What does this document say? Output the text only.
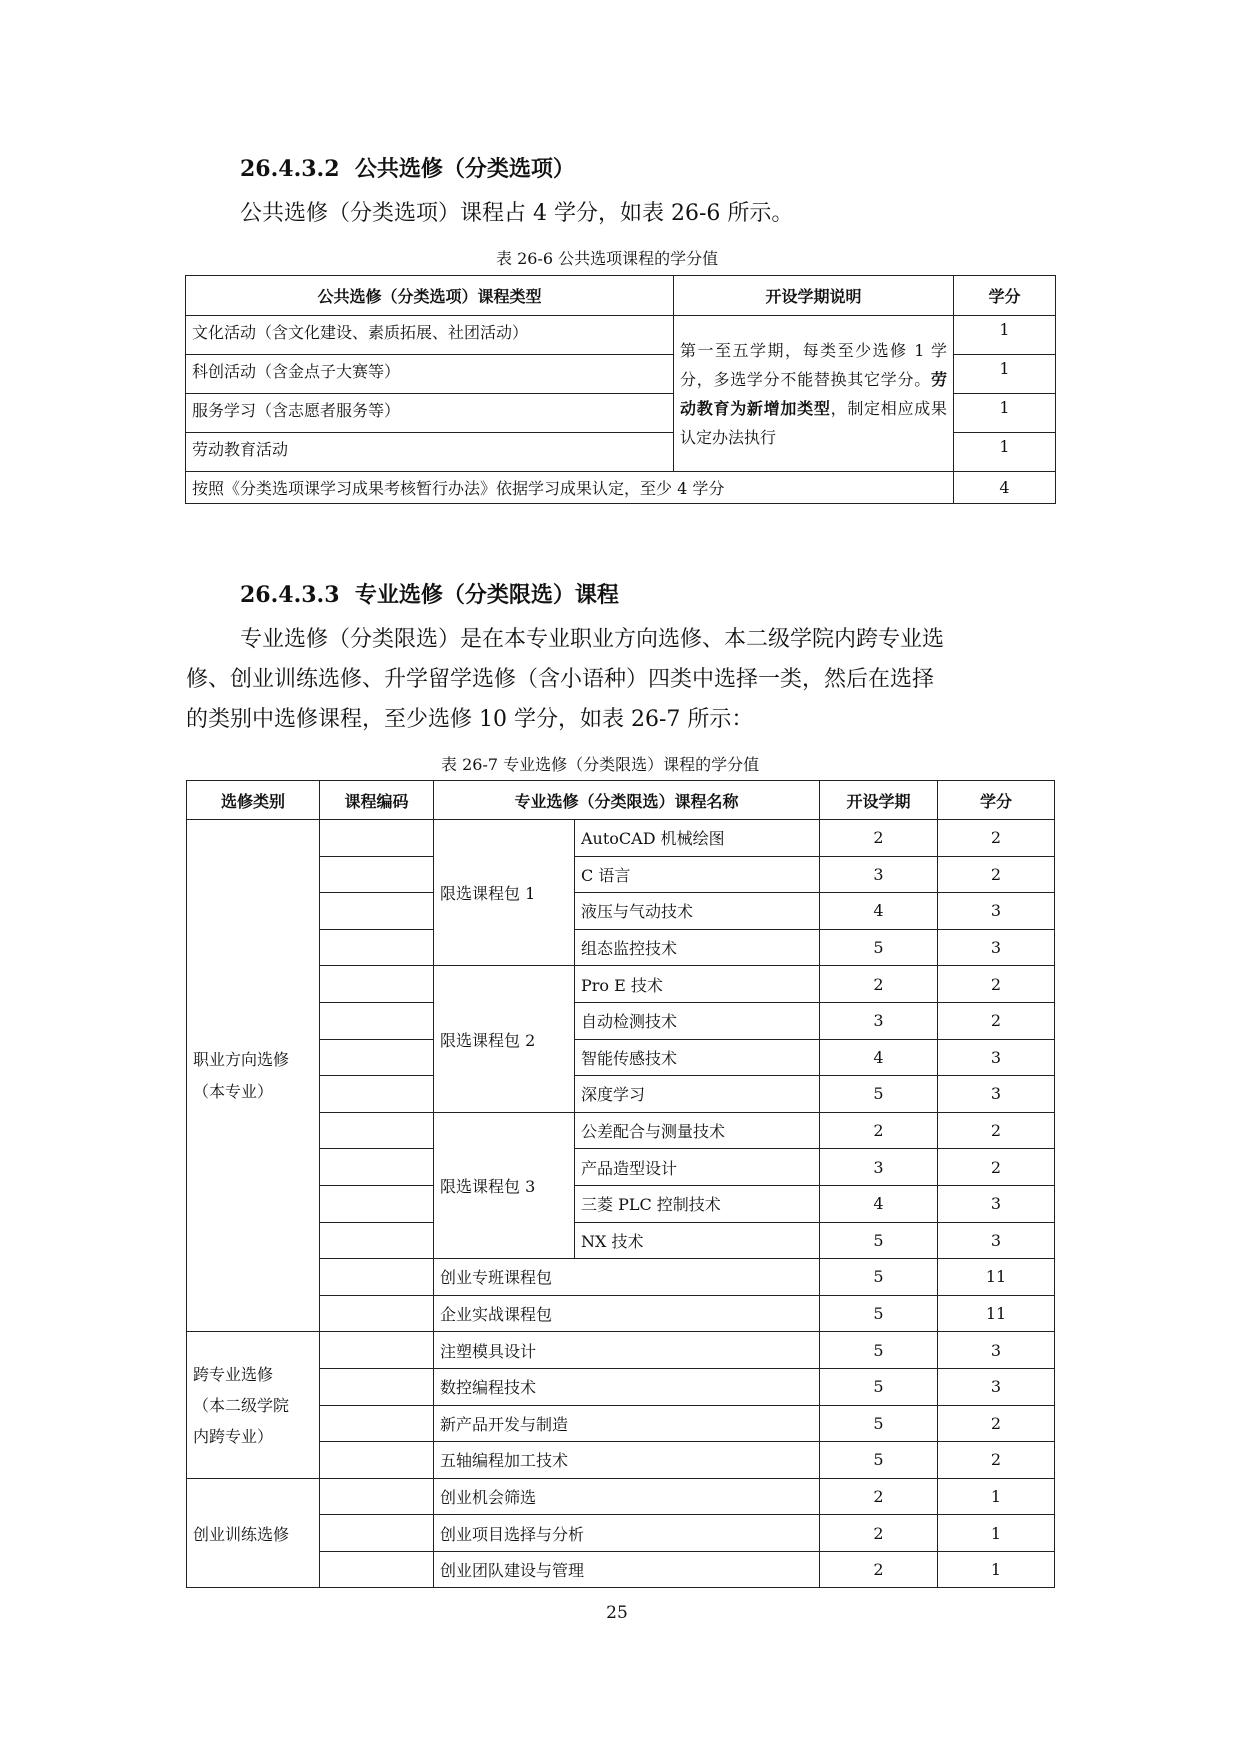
26.4.3.2 公共选修（分类选项）
公共选修（分类选项）课程占 4 学分，如表 26-6 所示。
表 26-6 公共选项课程的学分值
公共选修（分类选项）课程类型	开设学期说明	学分
文化活动（含文化建设、素质拓展、社团活动）	第一至五学期，每类至少选修 1 学分，多选学分不能替换其它学分。劳动教育为新增加类型，制定相应成果认定办法执行	1
科创活动（含金点子大赛等）		1
服务学习（含志愿者服务等）		1
劳动教育活动		1
按照《分类选项课学习成果考核暂行办法》依据学习成果认定，至少 4 学分		4
26.4.3.3 专业选修（分类限选）课程
专业选修（分类限选）是在本专业职业方向选修、本二级学院内跨专业选
修、创业训练选修、升学留学选修（含小语种）四类中选择一类，然后在选择
的类别中选修课程，至少选修 10 学分，如表 26-7 所示：
表 26-7 专业选修（分类限选）课程的学分值
选修类别	课程编码	专业选修（分类限选）课程名称		开设学期	学分

职业方向选修
（本专业）		限选课程包 1	AutoCAD 机械绘图	2	2
			C 语言	3	2
			液压与气动技术	4	3
			组态监控技术	5	3
		限选课程包 2	Pro E 技术	2	2
			自动检测技术	3	2
			智能传感技术	4	3
			深度学习	5	3
		限选课程包 3	公差配合与测量技术	2	2
			产品造型设计	3	2
			三菱 PLC 控制技术	4	3
			NX 技术	5	3
		创业专班课程包		5	11
		企业实战课程包		5	11

跨专业选修
（本二级学院
内跨专业）		注塑模具设计		5	3
		数控编程技术		5	3
		新产品开发与制造		5	2
		五轴编程加工技术		5	2
创业训练选修		创业机会筛选		2	1
		创业项目选择与分析		2	1
		创业团队建设与管理		2	1
25
